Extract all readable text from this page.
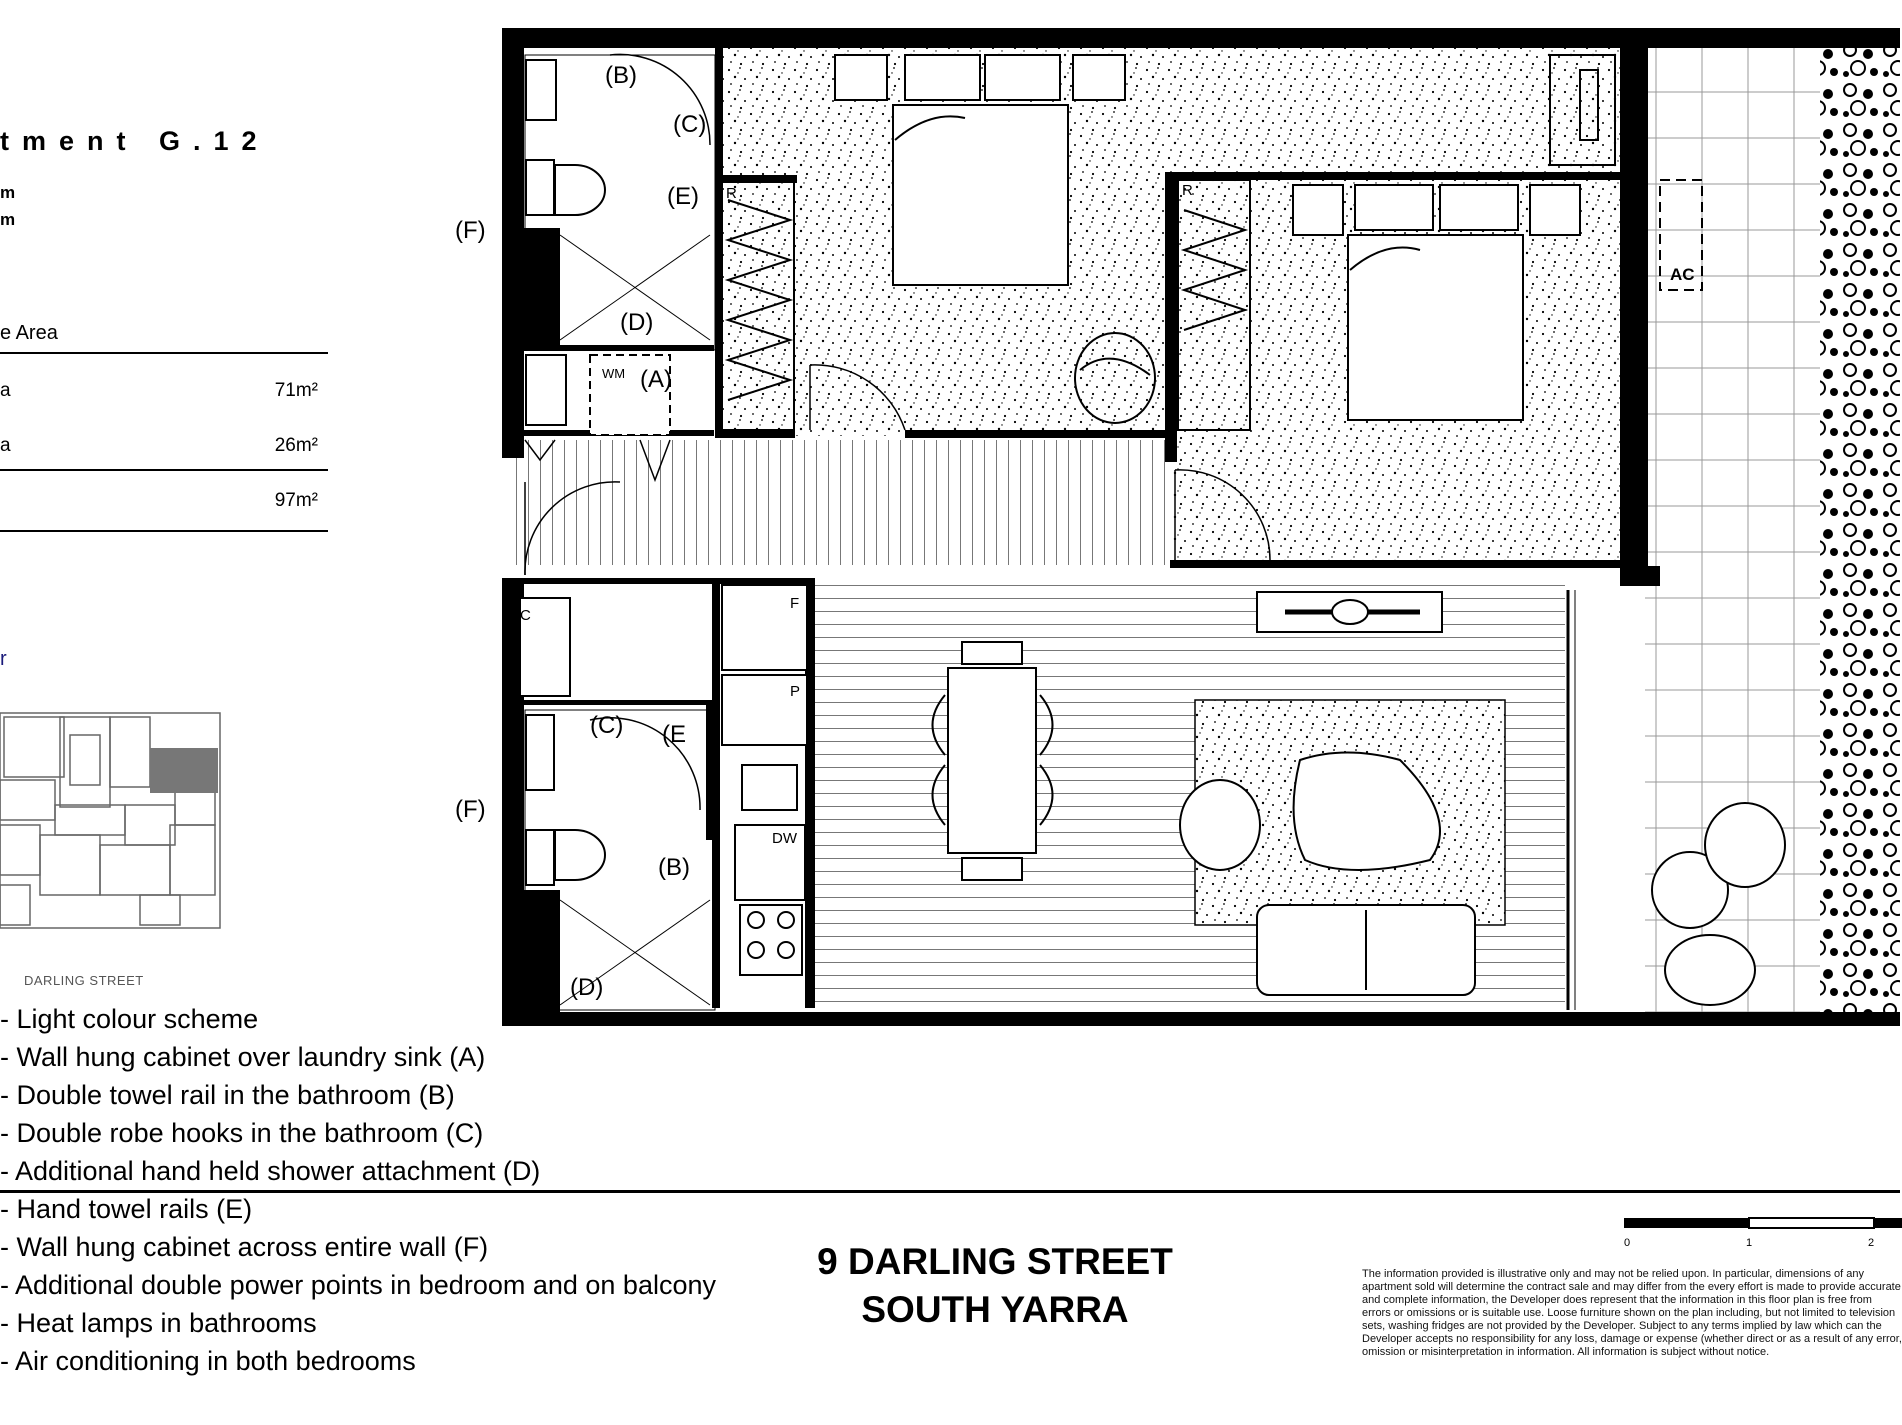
tment G.12
m
m
e Area
a	71m²
a	26m²
97m²
r
DARLING STREET
- Light colour scheme
- Wall hung cabinet over laundry sink (A)
- Double towel rail in the bathroom (B)
- Double robe hooks in the bathroom (C)
- Additional hand held shower attachment (D)
- Hand towel rails (E)
- Wall hung cabinet across entire wall (F)
- Additional double power points in bedroom and on balcony
- Heat lamps in bathrooms
- Air conditioning in both bedrooms
9 DARLING STREET
SOUTH YARRA
0	1	2
The information provided is illustrative only and may not be relied upon. In particular, dimensions of any apartment sold will determine the contract sale and may differ from the every effort is made to provide accurate and complete information, the Developer does represent that the information in this floor plan is free from errors or omissions or is suitable use. Loose furniture shown on the plan including, but not limited to television sets, washing fridges are not provided by the Developer. Subject to any terms implied by law which can the Developer accepts no responsibility for any loss, damage or expense (whether direct or as a result of any error, omission or misinterpretation in information. All information is subject without notice.
(F)
(F)
(B)
(C)
(E)
(D)
(A)
(C) (E
(B)
(D)
R	R
WM
AC
C
F
P
DW
